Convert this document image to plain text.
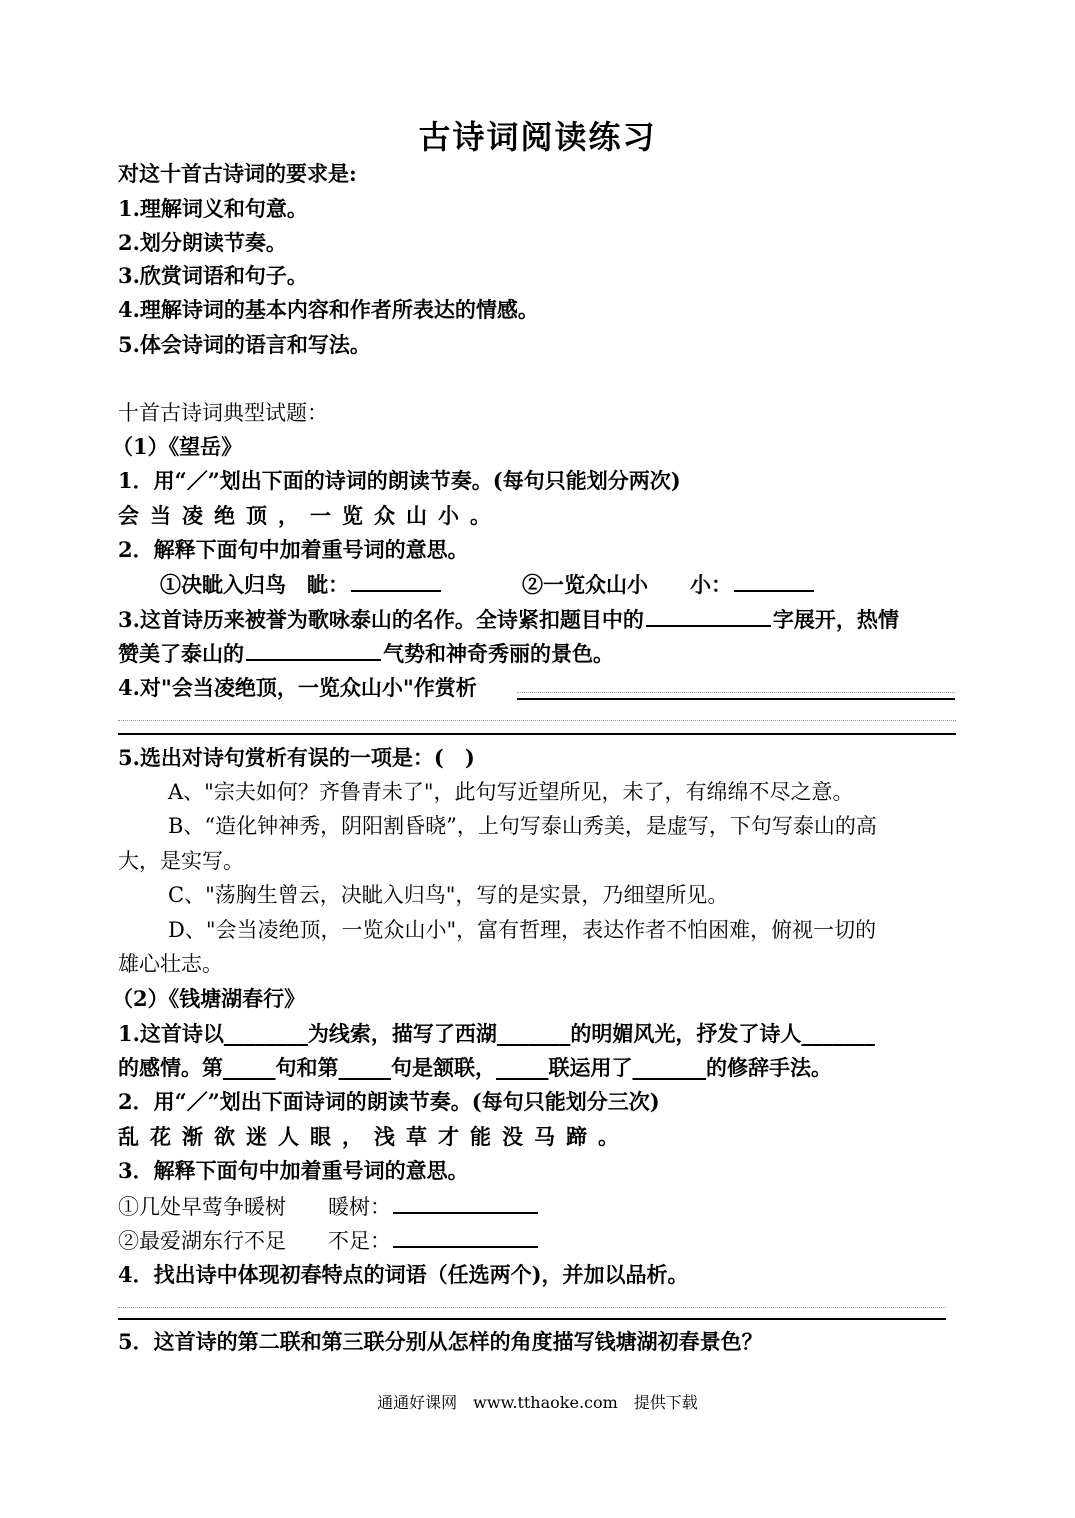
古诗词阅读练习
对这十首古诗词的要求是:
1.理解词义和句意。
2.划分朗读节奏。
3.欣赏词语和句子。
4.理解诗词的基本内容和作者所表达的情感。
5.体会诗词的语言和写法。
十首古诗词典型试题：
（1）《望岳》
1．用“／”划出下面的诗词的朗读节奏。(每句只能划分两次)
会当凌绝顶，一览众山小。
2．解释下面句中加着重号词的意思。
①决眦入归鸟　眦：	②一览众山小　　小：
3.这首诗历来被誉为歌咏泰山的名作。全诗紧扣题目中的	字展开，热情
赞美了泰山的	气势和神奇秀丽的景色。
4.对"会当凌绝顶，一览众山小"作赏析
5.选出对诗句赏析有误的一项是：(　)
A、"宗夫如何？齐鲁青未了"，此句写近望所见，未了，有绵绵不尽之意。
B、“造化钟神秀，阴阳割昏晓”，上句写泰山秀美，是虚写，下句写泰山的高
大，是实写。
C、"荡胸生曾云，决眦入归鸟"，写的是实景，乃细望所见。
D、"会当凌绝顶，一览众山小"，富有哲理，表达作者不怕困难，俯视一切的
雄心壮志。
（2）《钱塘湖春行》
1.这首诗以________为线索，描写了西湖_______的明媚风光，抒发了诗人_______
的感情。第_____句和第_____句是颔联，_____联运用了_______的修辞手法。
2．用“／”划出下面诗词的朗读节奏。(每句只能划分三次)
乱花渐欲迷人眼，浅草才能没马蹄。
3．解释下面句中加着重号词的意思。
①几处早莺争暖树　　暖树：
②最爱湖东行不足　　不足：
4．找出诗中体现初春特点的词语（任选两个)，并加以品析。
5．这首诗的第二联和第三联分别从怎样的角度描写钱塘湖初春景色？
通通好课网　www.tthaoke.com　提供下载
